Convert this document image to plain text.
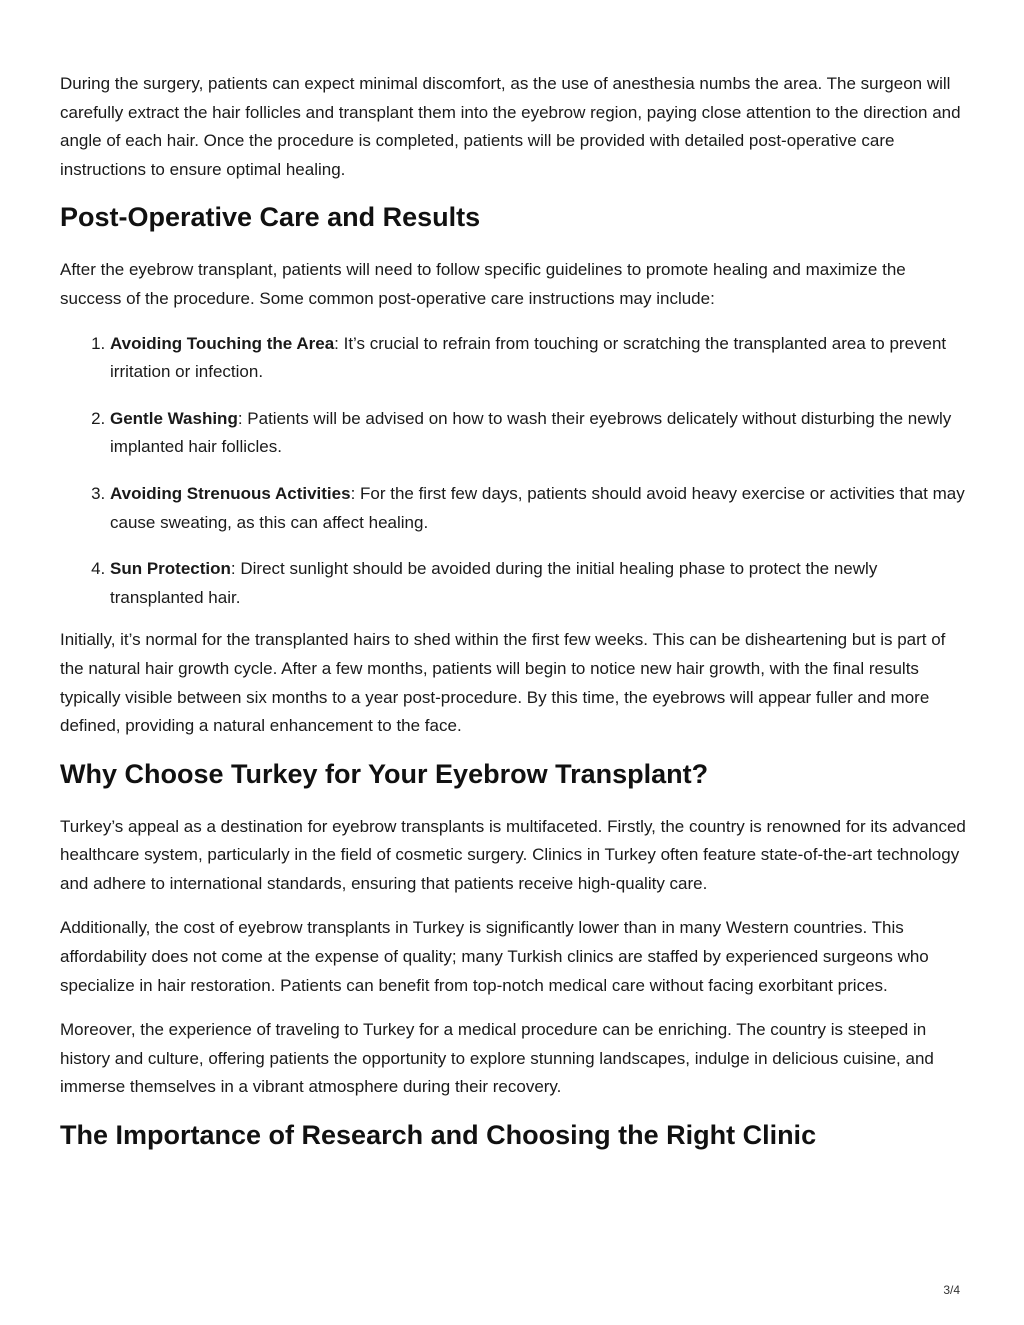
During the surgery, patients can expect minimal discomfort, as the use of anesthesia numbs the area. The surgeon will carefully extract the hair follicles and transplant them into the eyebrow region, paying close attention to the direction and angle of each hair. Once the procedure is completed, patients will be provided with detailed post-operative care instructions to ensure optimal healing.

Post-Operative Care and Results

After the eyebrow transplant, patients will need to follow specific guidelines to promote healing and maximize the success of the procedure. Some common post-operative care instructions may include:

1. Avoiding Touching the Area: It’s crucial to refrain from touching or scratching the transplanted area to prevent irritation or infection.
2. Gentle Washing: Patients will be advised on how to wash their eyebrows delicately without disturbing the newly implanted hair follicles.
3. Avoiding Strenuous Activities: For the first few days, patients should avoid heavy exercise or activities that may cause sweating, as this can affect healing.
4. Sun Protection: Direct sunlight should be avoided during the initial healing phase to protect the newly transplanted hair.

Initially, it’s normal for the transplanted hairs to shed within the first few weeks. This can be disheartening but is part of the natural hair growth cycle. After a few months, patients will begin to notice new hair growth, with the final results typically visible between six months to a year post-procedure. By this time, the eyebrows will appear fuller and more defined, providing a natural enhancement to the face.

Why Choose Turkey for Your Eyebrow Transplant?

Turkey’s appeal as a destination for eyebrow transplants is multifaceted. Firstly, the country is renowned for its advanced healthcare system, particularly in the field of cosmetic surgery. Clinics in Turkey often feature state-of-the-art technology and adhere to international standards, ensuring that patients receive high-quality care.

Additionally, the cost of eyebrow transplants in Turkey is significantly lower than in many Western countries. This affordability does not come at the expense of quality; many Turkish clinics are staffed by experienced surgeons who specialize in hair restoration. Patients can benefit from top-notch medical care without facing exorbitant prices.

Moreover, the experience of traveling to Turkey for a medical procedure can be enriching. The country is steeped in history and culture, offering patients the opportunity to explore stunning landscapes, indulge in delicious cuisine, and immerse themselves in a vibrant atmosphere during their recovery.

The Importance of Research and Choosing the Right Clinic
3/4
